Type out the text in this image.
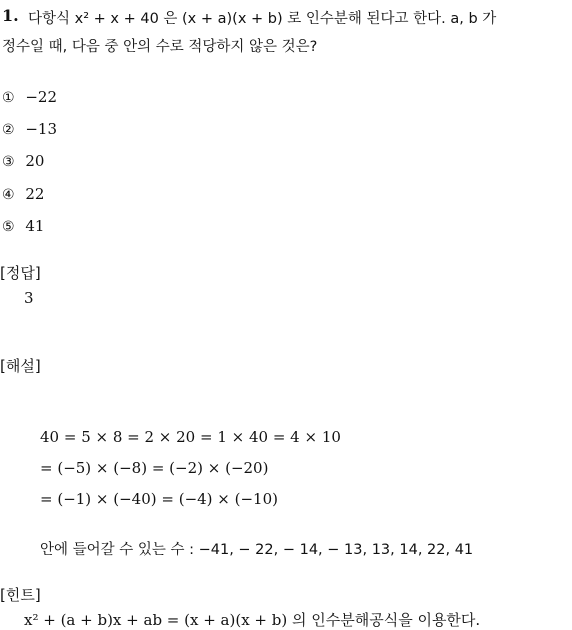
1. 다항식 x² + x + 40 은 (x + a)(x + b) 로 인수분해 된다고 한다. a, b 가
정수일 때, 다음 중 안의 수로 적당하지 않은 것은?
① −22
② −13
③ 20
④ 22
⑤ 41
[정답]
3
[해설]
40 = 5 × 8 = 2 × 20 = 1 × 40 = 4 × 10
= (−5) × (−8) = (−2) × (−20)
= (−1) × (−40) = (−4) × (−10)
안에 들어갈 수 있는 수 : −41, − 22, − 14, − 13, 13, 14, 22, 41
[힌트]
x² + (a + b)x + ab = (x + a)(x + b) 의 인수분해공식을 이용한다.
